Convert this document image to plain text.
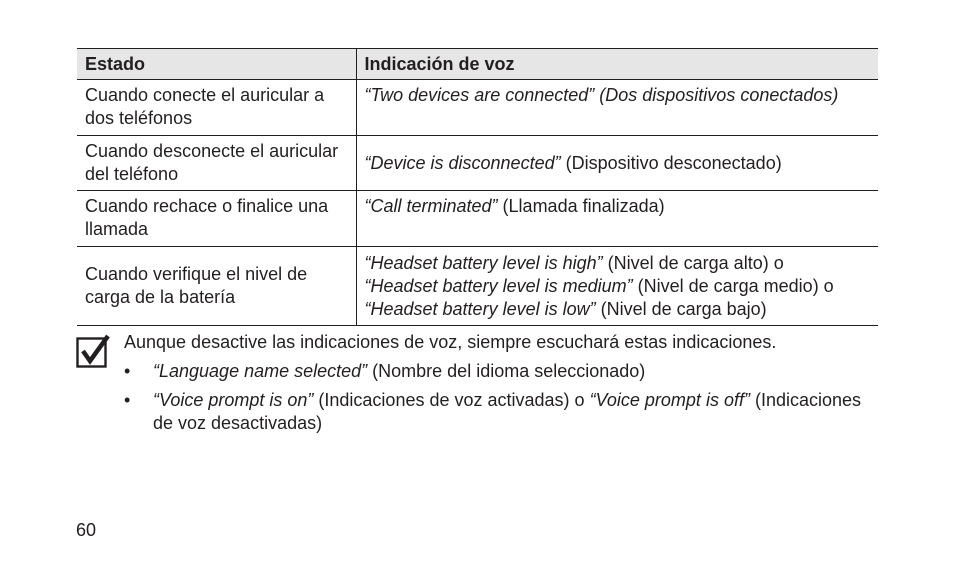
Estado	Indicación de voz
Cuando conecte el auricular a dos teléfonos	“Two devices are connected” (Dos dispositivos conectados)
Cuando desconecte el auricular del teléfono	“Device is disconnected” (Dispositivo desconectado)
Cuando rechace o finalice una llamada	“Call terminated” (Llamada finalizada)
Cuando verifique el nivel de carga de la batería	“Headset battery level is high” (Nivel de carga alto) o
“Headset battery level is medium” (Nivel de carga medio) o
“Headset battery level is low” (Nivel de carga bajo)

Aunque desactive las indicaciones de voz, siempre escuchará estas indicaciones.

• “Language name selected” (Nombre del idioma seleccionado)
• “Voice prompt is on” (Indicaciones de voz activadas) o “Voice prompt is off” (Indicaciones de voz desactivadas)
60
